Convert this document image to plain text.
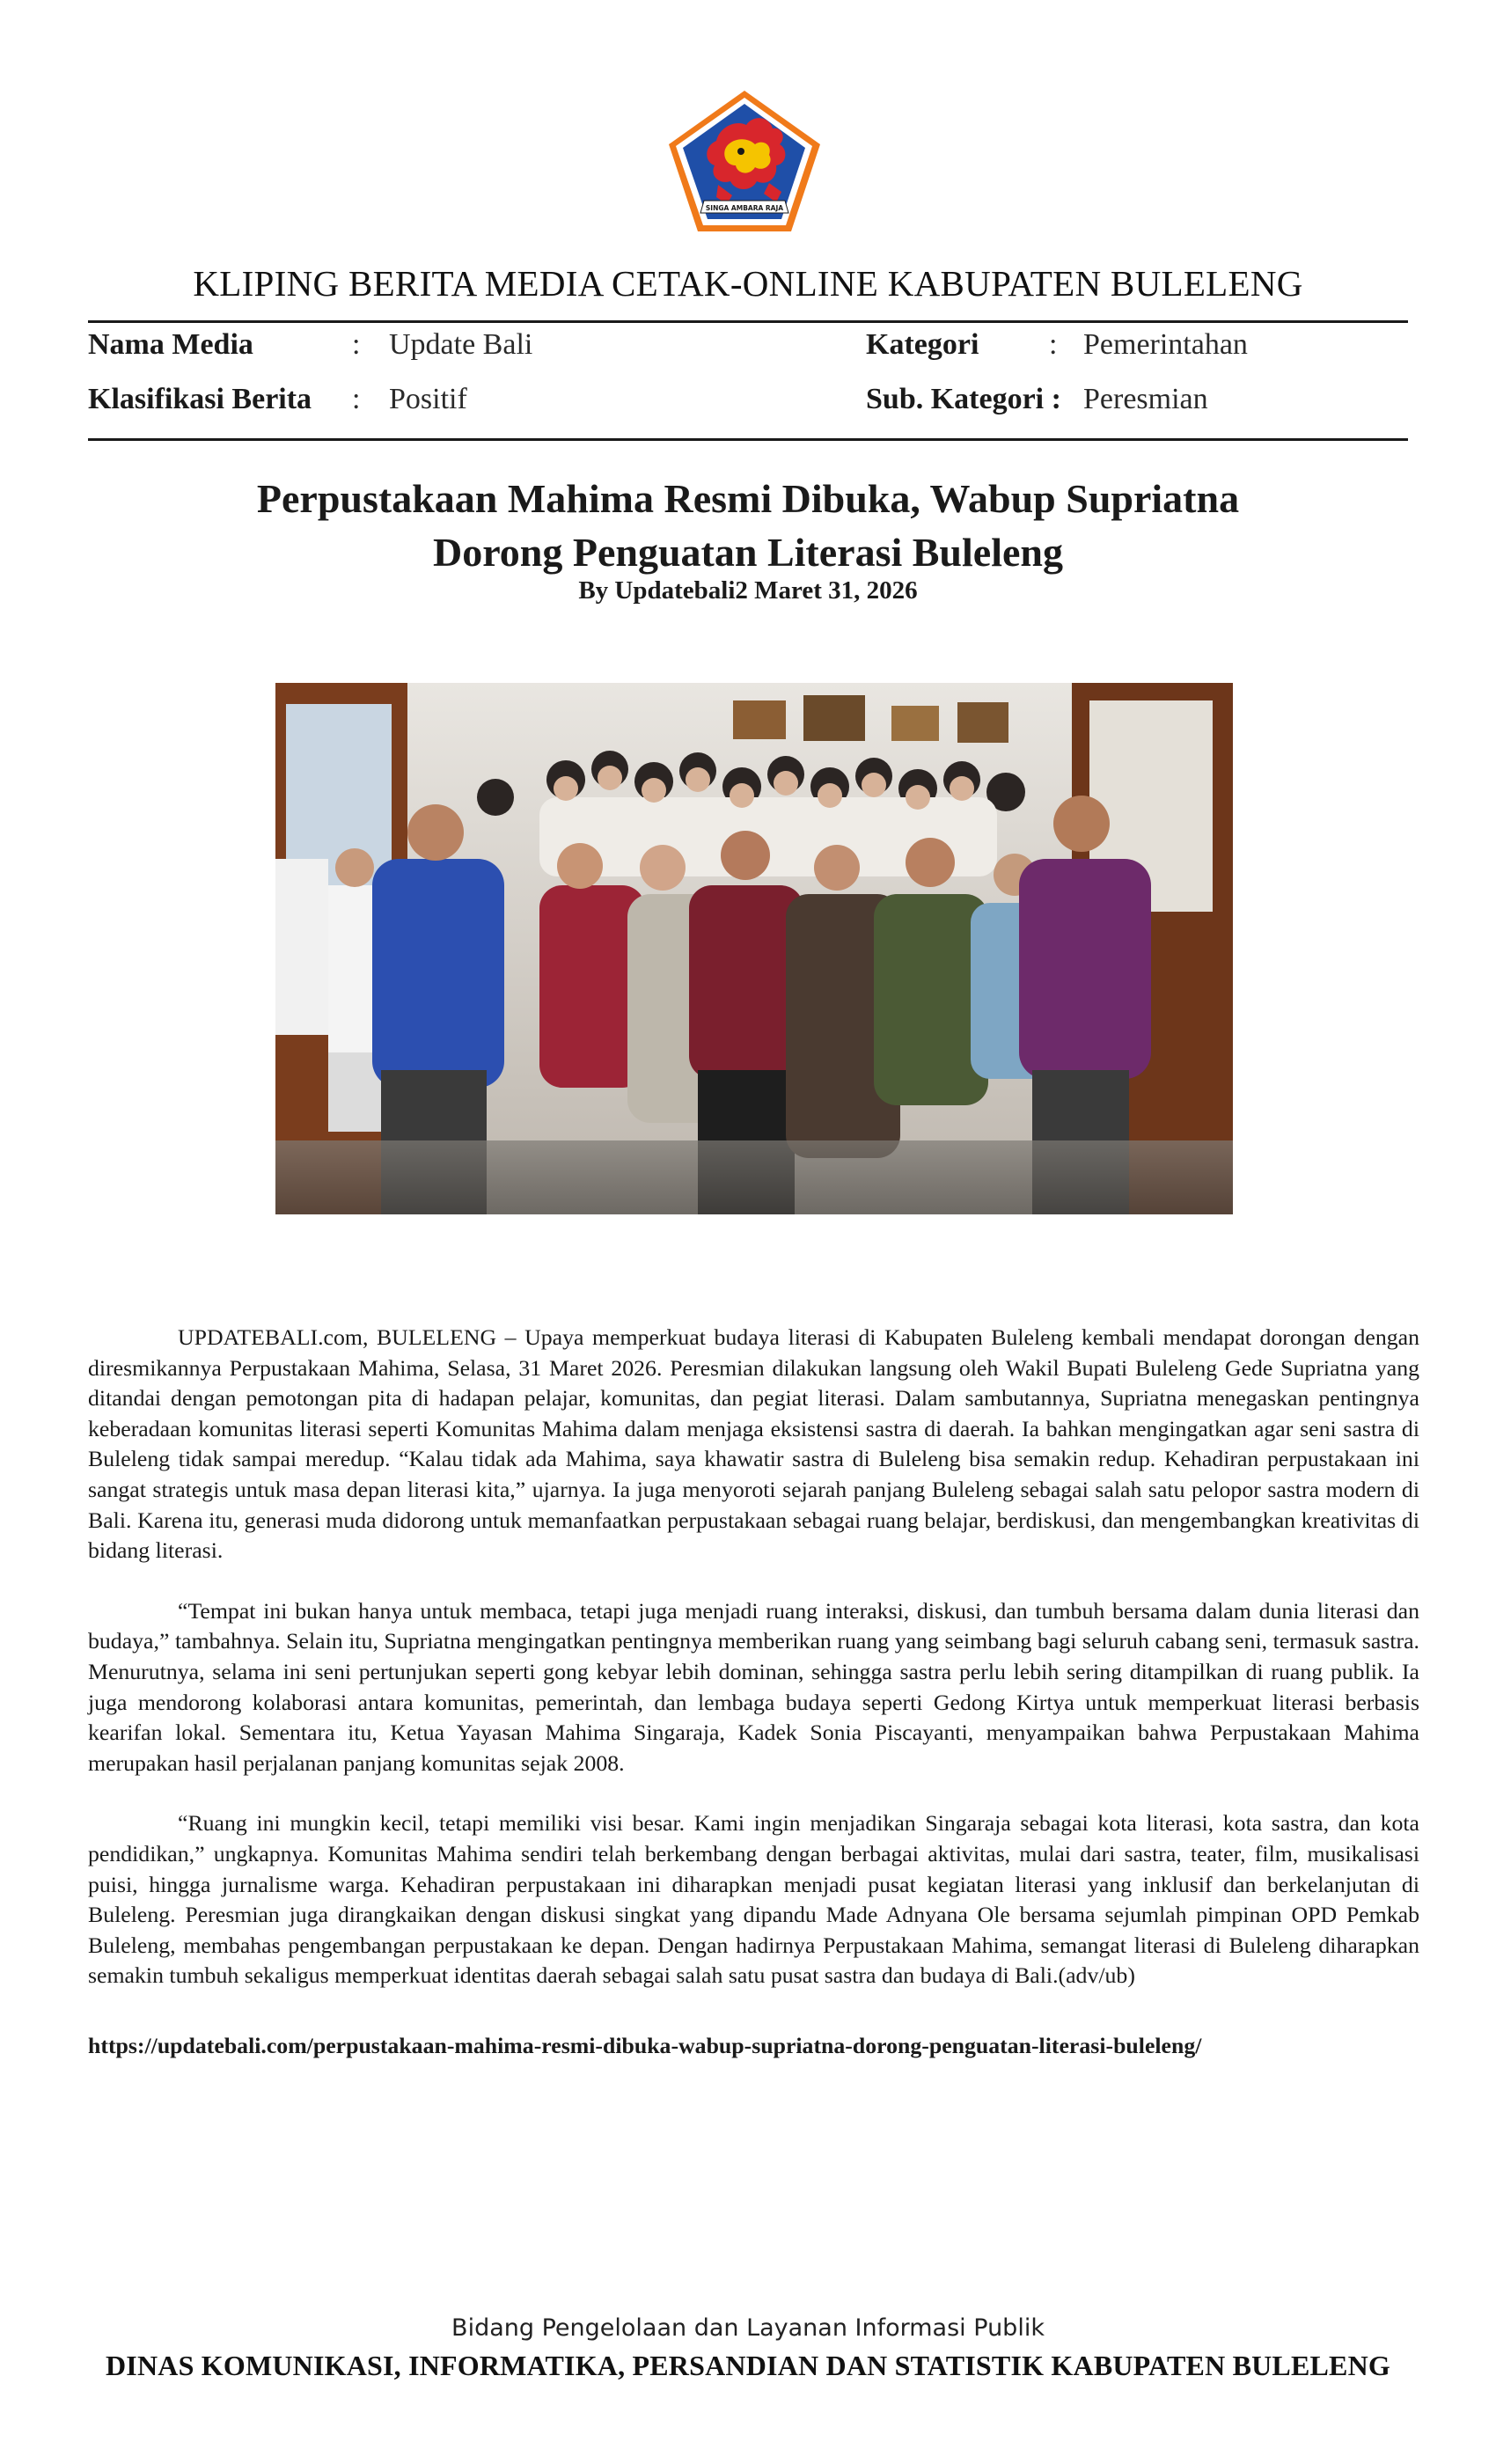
SINGA AMBARA RAJA
KLIPING BERITA MEDIA CETAK-ONLINE KABUPATEN BULELENG
Nama Media	: Update Bali	Kategori : Pemerintahan
Klasifikasi Berita : Positif	Sub. Kategori : Peresmian
Perpustakaan Mahima Resmi Dibuka, Wabup Supriatna
Dorong Penguatan Literasi Buleleng
By Updatebali2 Maret 31, 2026

UPDATEBALI.com, BULELENG – Upaya memperkuat budaya literasi di Kabupaten Buleleng kembali mendapat dorongan dengan diresmikannya Perpustakaan Mahima, Selasa, 31 Maret 2026. Peresmian dilakukan langsung oleh Wakil Bupati Buleleng Gede Supriatna yang ditandai dengan pemotongan pita di hadapan pelajar, komunitas, dan pegiat literasi. Dalam sambutannya, Supriatna menegaskan pentingnya keberadaan komunitas literasi seperti Komunitas Mahima dalam menjaga eksistensi sastra di daerah. Ia bahkan mengingatkan agar seni sastra di Buleleng tidak sampai meredup. “Kalau tidak ada Mahima, saya khawatir sastra di Buleleng bisa semakin redup. Kehadiran perpustakaan ini sangat strategis untuk masa depan literasi kita,” ujarnya. Ia juga menyoroti sejarah panjang Buleleng sebagai salah satu pelopor sastra modern di Bali. Karena itu, generasi muda didorong untuk memanfaatkan perpustakaan sebagai ruang belajar, berdiskusi, dan mengembangkan kreativitas di bidang literasi.

“Tempat ini bukan hanya untuk membaca, tetapi juga menjadi ruang interaksi, diskusi, dan tumbuh bersama dalam dunia literasi dan budaya,” tambahnya. Selain itu, Supriatna mengingatkan pentingnya memberikan ruang yang seimbang bagi seluruh cabang seni, termasuk sastra. Menurutnya, selama ini seni pertunjukan seperti gong kebyar lebih dominan, sehingga sastra perlu lebih sering ditampilkan di ruang publik. Ia juga mendorong kolaborasi antara komunitas, pemerintah, dan lembaga budaya seperti Gedong Kirtya untuk memperkuat literasi berbasis kearifan lokal. Sementara itu, Ketua Yayasan Mahima Singaraja, Kadek Sonia Piscayanti, menyampaikan bahwa Perpustakaan Mahima merupakan hasil perjalanan panjang komunitas sejak 2008.

“Ruang ini mungkin kecil, tetapi memiliki visi besar. Kami ingin menjadikan Singaraja sebagai kota literasi, kota sastra, dan kota pendidikan,” ungkapnya. Komunitas Mahima sendiri telah berkembang dengan berbagai aktivitas, mulai dari sastra, teater, film, musikalisasi puisi, hingga jurnalisme warga. Kehadiran perpustakaan ini diharapkan menjadi pusat kegiatan literasi yang inklusif dan berkelanjutan di Buleleng. Peresmian juga dirangkaikan dengan diskusi singkat yang dipandu Made Adnyana Ole bersama sejumlah pimpinan OPD Pemkab Buleleng, membahas pengembangan perpustakaan ke depan. Dengan hadirnya Perpustakaan Mahima, semangat literasi di Buleleng diharapkan semakin tumbuh sekaligus memperkuat identitas daerah sebagai salah satu pusat sastra dan budaya di Bali.(adv/ub)

https://updatebali.com/perpustakaan-mahima-resmi-dibuka-wabup-supriatna-dorong-penguatan-literasi-buleleng/
Bidang Pengelolaan dan Layanan Informasi Publik
DINAS KOMUNIKASI, INFORMATIKA, PERSANDIAN DAN STATISTIK KABUPATEN BULELENG
